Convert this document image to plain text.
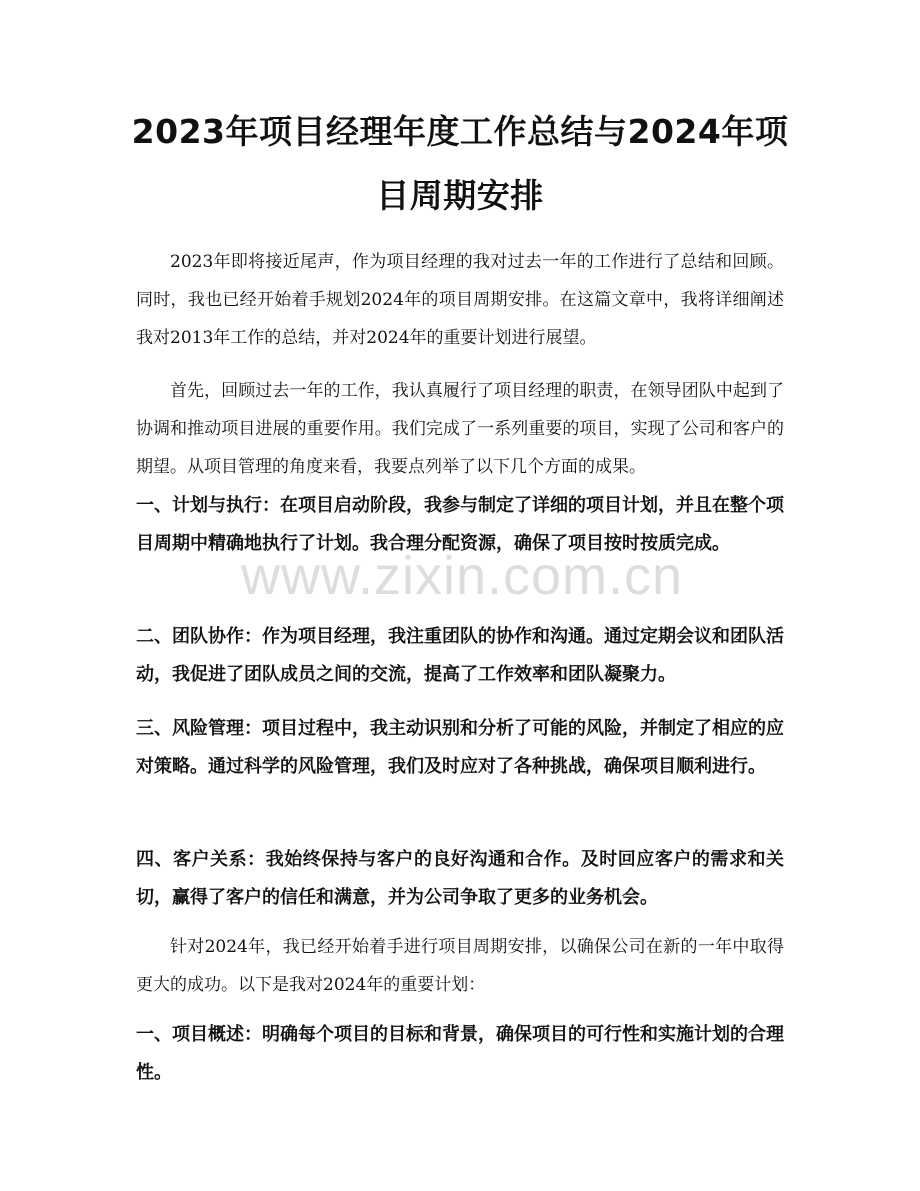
2023年项目经理年度工作总结与2024年项目周期安排

2023年即将接近尾声，作为项目经理的我对过去一年的工作进行了总结和回顾。同时，我也已经开始着手规划2024年的项目周期安排。在这篇文章中，我将详细阐述我对2013年工作的总结，并对2024年的重要计划进行展望。

首先，回顾过去一年的工作，我认真履行了项目经理的职责，在领导团队中起到了协调和推动项目进展的重要作用。我们完成了一系列重要的项目，实现了公司和客户的期望。从项目管理的角度来看，我要点列举了以下几个方面的成果。

一、计划与执行：在项目启动阶段，我参与制定了详细的项目计划，并且在整个项目周期中精确地执行了计划。我合理分配资源，确保了项目按时按质完成。

二、团队协作：作为项目经理，我注重团队的协作和沟通。通过定期会议和团队活动，我促进了团队成员之间的交流，提高了工作效率和团队凝聚力。

三、风险管理：项目过程中，我主动识别和分析了可能的风险，并制定了相应的应对策略。通过科学的风险管理，我们及时应对了各种挑战，确保项目顺利进行。

四、客户关系：我始终保持与客户的良好沟通和合作。及时回应客户的需求和关切，赢得了客户的信任和满意，并为公司争取了更多的业务机会。

针对2024年，我已经开始着手进行项目周期安排，以确保公司在新的一年中取得更大的成功。以下是我对2024年的重要计划：

一、项目概述：明确每个项目的目标和背景，确保项目的可行性和实施计划的合理性。

www.zixin.com.cn
